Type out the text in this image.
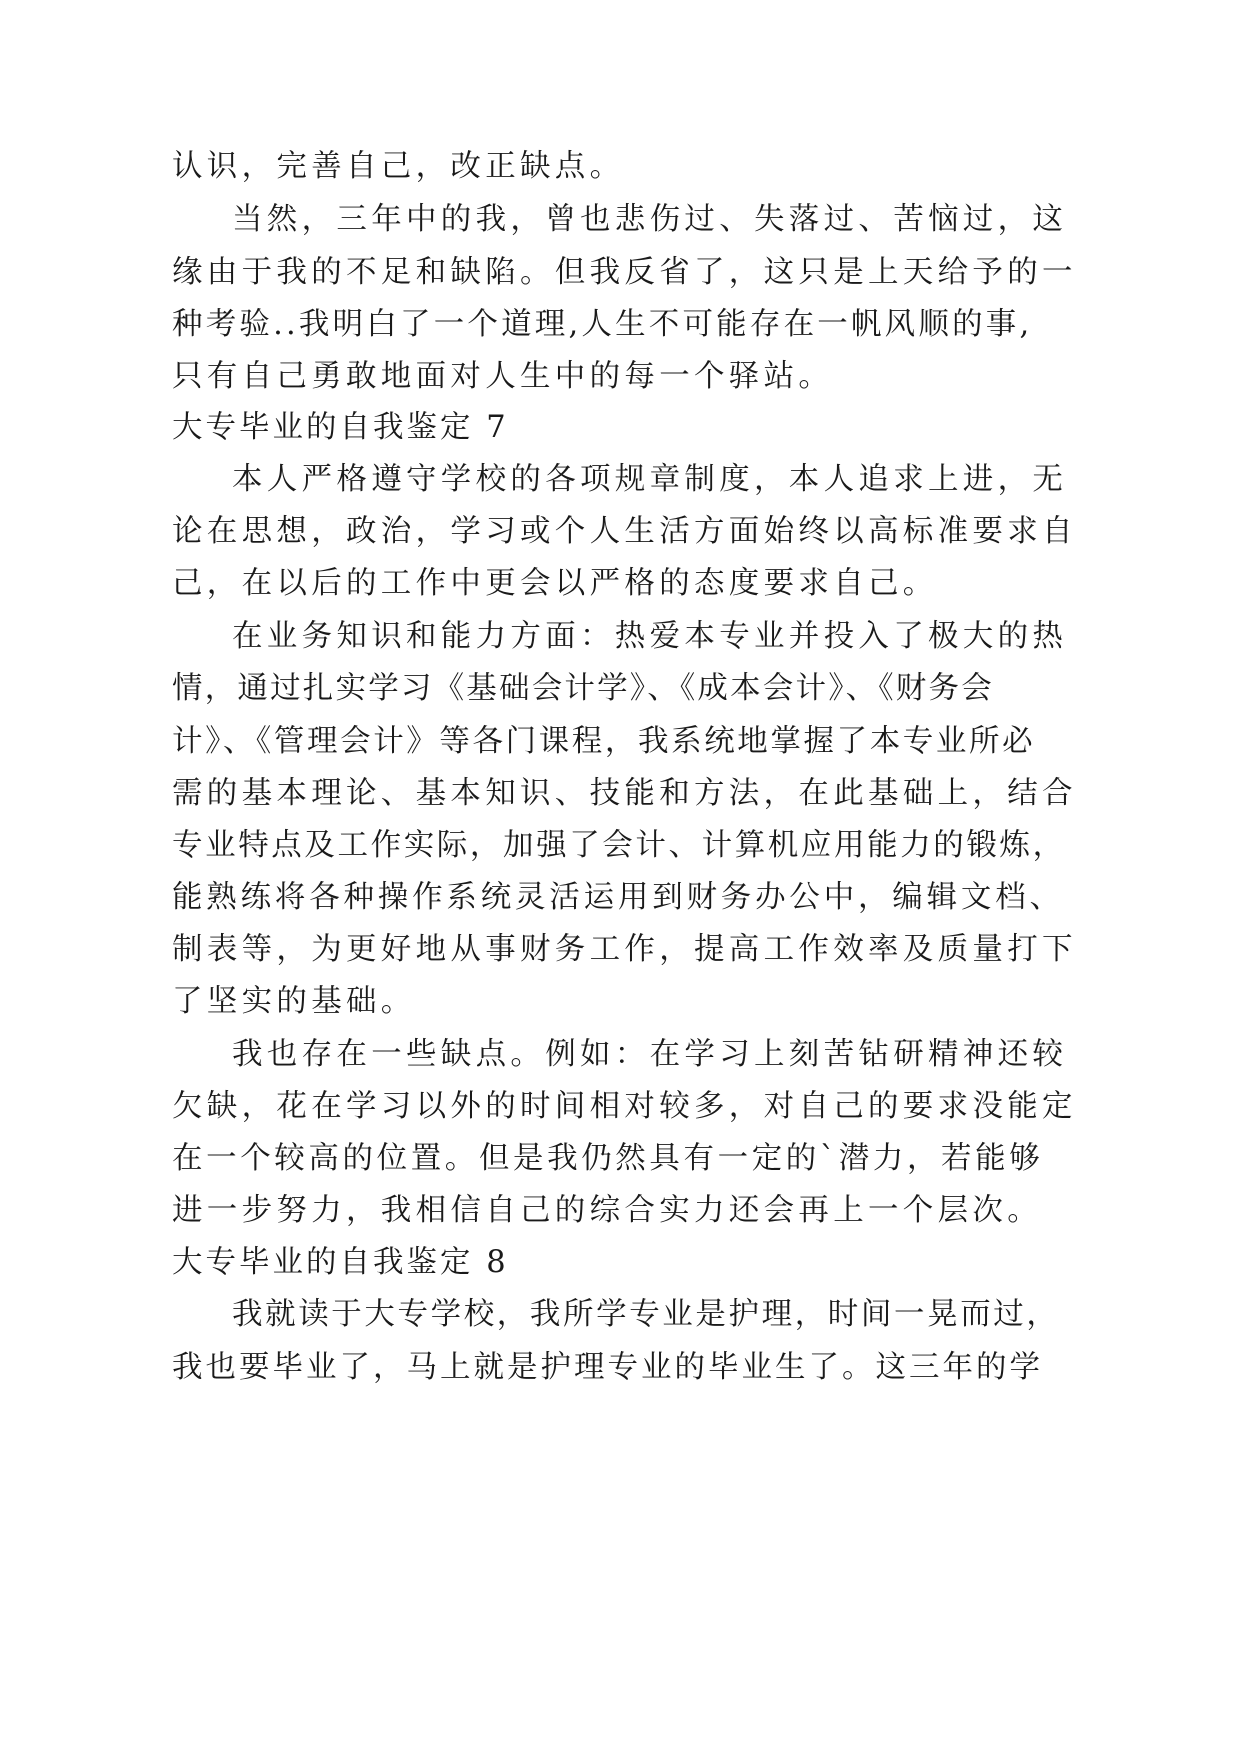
认识，完善自己，改正缺点。

当然，三年中的我，曾也悲伤过、失落过、苦恼过，这

缘由于我的不足和缺陷。但我反省了，这只是上天给予的一

种考验..我明白了一个道理,人生不可能存在一帆风顺的事,

只有自己勇敢地面对人生中的每一个驿站。

大专毕业的自我鉴定 7

本人严格遵守学校的各项规章制度，本人追求上进，无

论在思想，政治，学习或个人生活方面始终以高标准要求自

己，在以后的工作中更会以严格的态度要求自己。

在业务知识和能力方面：热爱本专业并投入了极大的热

情，通过扎实学习《基础会计学》、《成本会计》、《财务会

计》、《管理会计》等各门课程，我系统地掌握了本专业所必

需的基本理论、基本知识、技能和方法，在此基础上，结合

专业特点及工作实际，加强了会计、计算机应用能力的锻炼，

能熟练将各种操作系统灵活运用到财务办公中，编辑文档、

制表等，为更好地从事财务工作，提高工作效率及质量打下

了坚实的基础。

我也存在一些缺点。例如：在学习上刻苦钻研精神还较

欠缺，花在学习以外的时间相对较多，对自己的要求没能定

在一个较高的位置。但是我仍然具有一定的`潜力，若能够

进一步努力，我相信自己的综合实力还会再上一个层次。

大专毕业的自我鉴定 8

我就读于大专学校，我所学专业是护理，时间一晃而过，

我也要毕业了，马上就是护理专业的毕业生了。这三年的学
